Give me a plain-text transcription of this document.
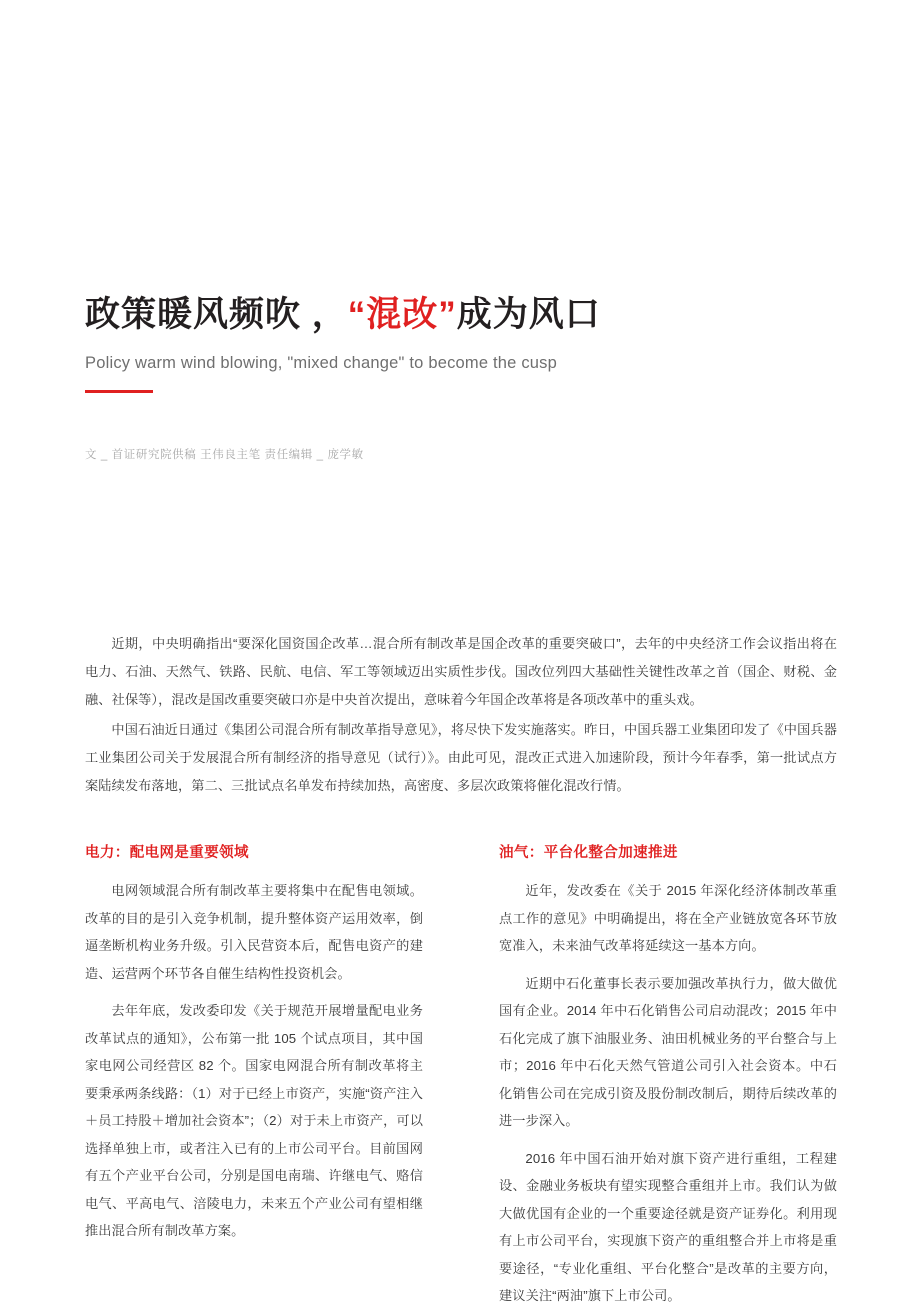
政策暖风频吹 ，“混改”成为风口

Policy warm wind blowing, "mixed change" to become the cusp

文 _ 首证研究院供稿 王伟良主笔 责任编辑 _ 庞学敏

近期，中央明确指出“要深化国资国企改革…混合所有制改革是国企改革的重要突破口”，去年的中央经济工作会议指出将在电力、石油、天然气、铁路、民航、电信、军工等领域迈出实质性步伐。国改位列四大基础性关键性改革之首（国企、财税、金融、社保等），混改是国改重要突破口亦是中央首次提出，意味着今年国企改革将是各项改革中的重头戏。

中国石油近日通过《集团公司混合所有制改革指导意见》，将尽快下发实施落实。昨日，中国兵器工业集团印发了《中国兵器工业集团公司关于发展混合所有制经济的指导意见（试行）》。由此可见，混改正式进入加速阶段，预计今年春季，第一批试点方案陆续发布落地，第二、三批试点名单发布持续加热，高密度、多层次政策将催化混改行情。

电力：配电网是重要领域

电网领域混合所有制改革主要将集中在配售电领域。改革的目的是引入竞争机制，提升整体资产运用效率，倒逼垄断机构业务升级。引入民营资本后，配售电资产的建造、运营两个环节各自催生结构性投资机会。

去年年底，发改委印发《关于规范开展增量配电业务改革试点的通知》，公布第一批 105 个试点项目，其中国家电网公司经营区 82 个。国家电网混合所有制改革将主要秉承两条线路：（1）对于已经上市资产，实施“资产注入＋员工持股＋增加社会资本”；（2）对于未上市资产，可以选择单独上市，或者注入已有的上市公司平台。目前国网有五个产业平台公司，分别是国电南瑞、许继电气、赂信电气、平高电气、涪陵电力，未来五个产业公司有望相继推出混合所有制改革方案。

油气：平台化整合加速推进

近年，发改委在《关于 2015 年深化经济体制改革重点工作的意见》中明确提出，将在全产业链放宽各环节放宽准入，未来油气改革将延续这一基本方向。

近期中石化董事长表示要加强改革执行力，做大做优国有企业。2014 年中石化销售公司启动混改；2015 年中石化完成了旗下油服业务、油田机械业务的平台整合与上市；2016 年中石化天然气管道公司引入社会资本。中石化销售公司在完成引资及股份制改制后，期待后续改革的进一步深入。

2016 年中国石油开始对旗下资产进行重组，工程建设、金融业务板块有望实现整合重组并上市。我们认为做大做优国有企业的一个重要途径就是资产证券化。利用现有上市公司平台，实现旗下资产的重组整合并上市将是重要途径，“专业化重组、平台化整合”是改革的主要方向，建议关注“两油”旗下上市公司。
